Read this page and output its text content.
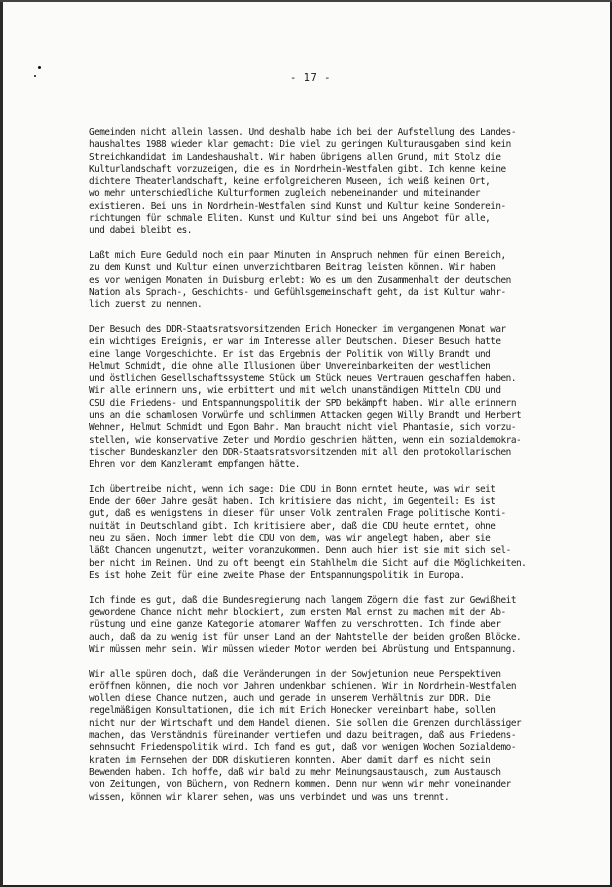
- 17 -
Gemeinden nicht allein lassen. Und deshalb habe ich bei der Aufstellung des Landes-
haushaltes 1988 wieder klar gemacht: Die viel zu geringen Kulturausgaben sind kein
Streichkandidat im Landeshaushalt. Wir haben übrigens allen Grund, mit Stolz die
Kulturlandschaft vorzuzeigen, die es in Nordrhein-Westfalen gibt. Ich kenne keine
dichtere Theaterlandschaft, keine erfolgreicheren Museen, ich weiß keinen Ort,
wo mehr unterschiedliche Kulturformen zugleich nebeneinander und miteinander
existieren. Bei uns in Nordrhein-Westfalen sind Kunst und Kultur keine Sonderein-
richtungen für schmale Eliten. Kunst und Kultur sind bei uns Angebot für alle,
und dabei bleibt es.
Laßt mich Eure Geduld noch ein paar Minuten in Anspruch nehmen für einen Bereich,
zu dem Kunst und Kultur einen unverzichtbaren Beitrag leisten können. Wir haben
es vor wenigen Monaten in Duisburg erlebt: Wo es um den Zusammenhalt der deutschen
Nation als Sprach-, Geschichts- und Gefühlsgemeinschaft geht, da ist Kultur wahr-
lich zuerst zu nennen.
Der Besuch des DDR-Staatsratsvorsitzenden Erich Honecker im vergangenen Monat war
ein wichtiges Ereignis, er war im Interesse aller Deutschen. Dieser Besuch hatte
eine lange Vorgeschichte. Er ist das Ergebnis der Politik von Willy Brandt und
Helmut Schmidt, die ohne alle Illusionen über Unvereinbarkeiten der westlichen
und östlichen Gesellschaftssysteme Stück um Stück neues Vertrauen geschaffen haben.
Wir alle erinnern uns, wie erbittert und mit welch unanständigen Mitteln CDU und
CSU die Friedens- und Entspannungspolitik der SPD bekämpft haben. Wir alle erinnern
uns an die schamlosen Vorwürfe und schlimmen Attacken gegen Willy Brandt und Herbert
Wehner, Helmut Schmidt und Egon Bahr. Man braucht nicht viel Phantasie, sich vorzu-
stellen, wie konservative Zeter und Mordio geschrien hätten, wenn ein sozialdemokra-
tischer Bundeskanzler den DDR-Staatsratsvorsitzenden mit all den protokollarischen
Ehren vor dem Kanzleramt empfangen hätte.
Ich übertreibe nicht, wenn ich sage: Die CDU in Bonn erntet heute, was wir seit
Ende der 60er Jahre gesät haben. Ich kritisiere das nicht, im Gegenteil: Es ist
gut, daß es wenigstens in dieser für unser Volk zentralen Frage politische Konti-
nuität in Deutschland gibt. Ich kritisiere aber, daß die CDU heute erntet, ohne
neu zu säen. Noch immer lebt die CDU von dem, was wir angelegt haben, aber sie
läßt Chancen ungenutzt, weiter voranzukommen. Denn auch hier ist sie mit sich sel-
ber nicht im Reinen. Und zu oft beengt ein Stahlhelm die Sicht auf die Möglichkeiten.
Es ist hohe Zeit für eine zweite Phase der Entspannungspolitik in Europa.
Ich finde es gut, daß die Bundesregierung nach langem Zögern die fast zur Gewißheit
gewordene Chance nicht mehr blockiert, zum ersten Mal ernst zu machen mit der Ab-
rüstung und eine ganze Kategorie atomarer Waffen zu verschrotten. Ich finde aber
auch, daß da zu wenig ist für unser Land an der Nahtstelle der beiden großen Blöcke.
Wir müssen mehr sein. Wir müssen wieder Motor werden bei Abrüstung und Entspannung.
Wir alle spüren doch, daß die Veränderungen in der Sowjetunion neue Perspektiven
eröffnen können, die noch vor Jahren undenkbar schienen. Wir in Nordrhein-Westfalen
wollen diese Chance nutzen, auch und gerade in unserem Verhältnis zur DDR. Die
regelmäßigen Konsultationen, die ich mit Erich Honecker vereinbart habe, sollen
nicht nur der Wirtschaft und dem Handel dienen. Sie sollen die Grenzen durchlässiger
machen, das Verständnis füreinander vertiefen und dazu beitragen, daß aus Friedens-
sehnsucht Friedenspolitik wird. Ich fand es gut, daß vor wenigen Wochen Sozialdemo-
kraten im Fernsehen der DDR diskutieren konnten. Aber damit darf es nicht sein
Bewenden haben. Ich hoffe, daß wir bald zu mehr Meinungsaustausch, zum Austausch
von Zeitungen, von Büchern, von Rednern kommen. Denn nur wenn wir mehr voneinander
wissen, können wir klarer sehen, was uns verbindet und was uns trennt.
